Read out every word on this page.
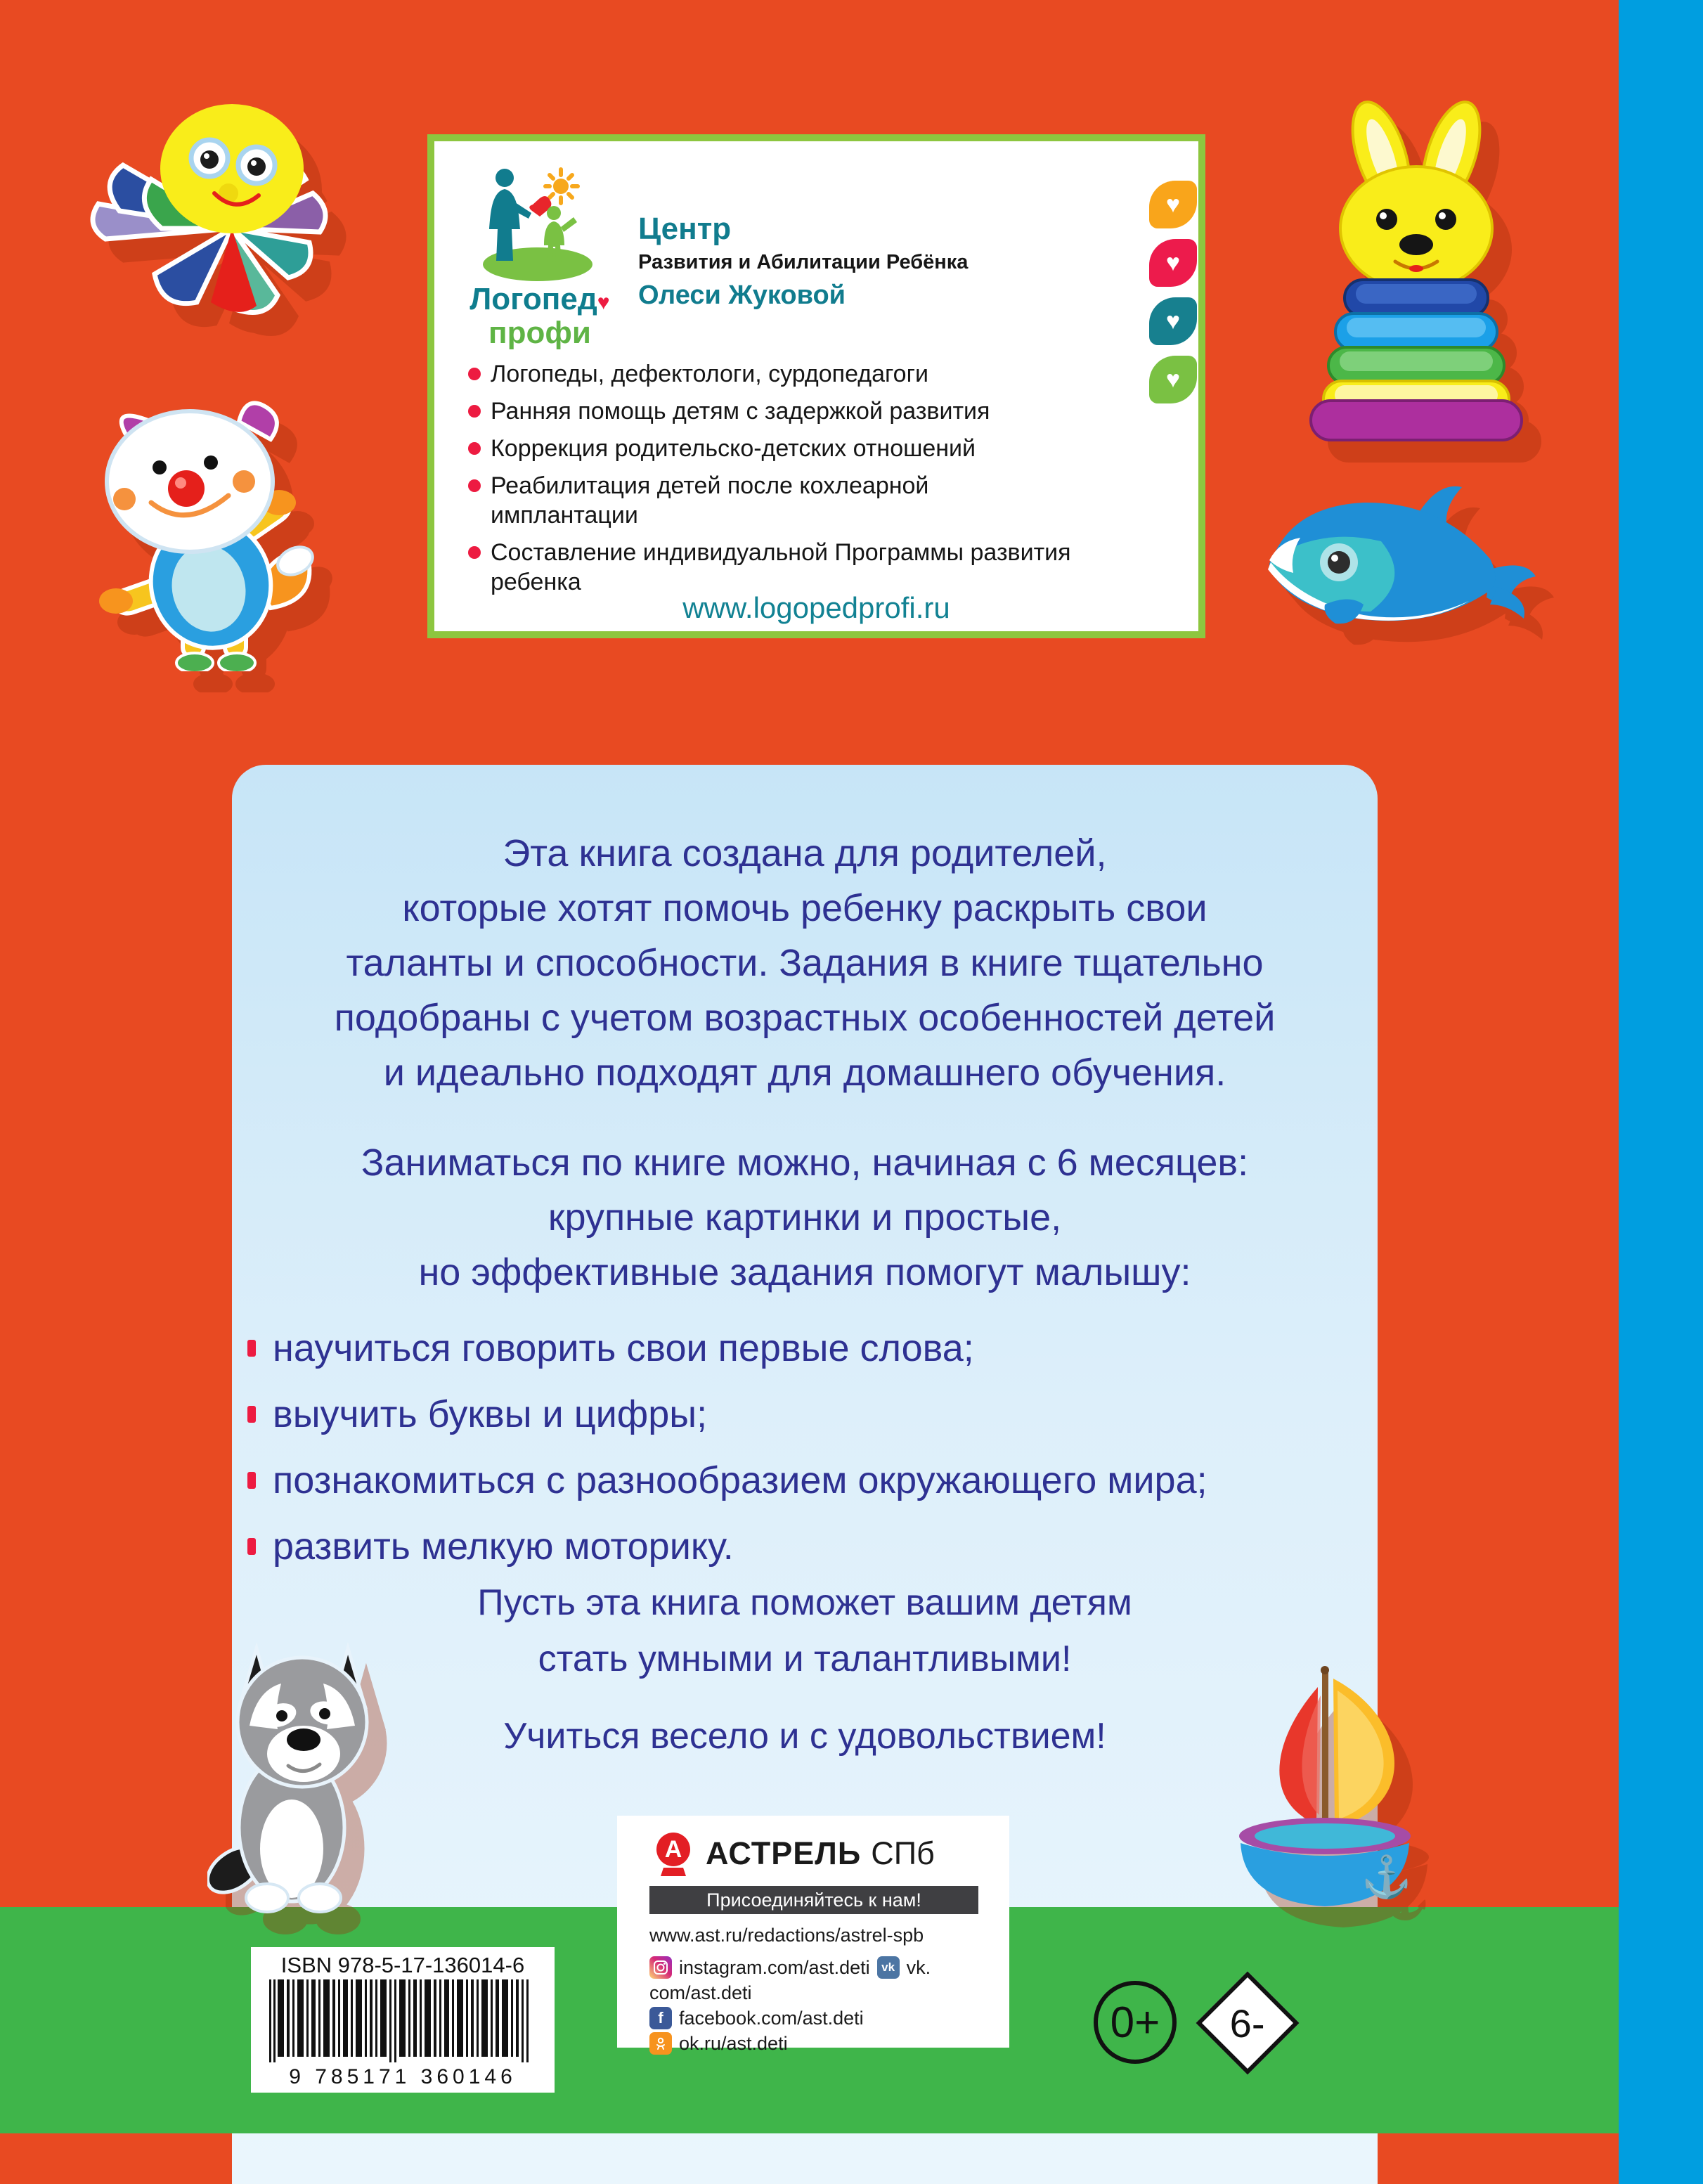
Логопед♥
профи
Центр
Развития и Абилитации Ребёнка
Олеси Жуковой
Логопеды, дефектологи, сурдопедагоги
Ранняя помощь детям с задержкой развития
Коррекция родительско-детских отношений
Реабилитация детей после кохлеарной имплантации
Составление индивидуальной Программы развития ребенка
www.logopedprofi.ru
♥
♥
♥
♥
⚓
Эта книга создана для родителей,
которые хотят помочь ребенку раскрыть свои
таланты и способности. Задания в книге тщательно
подобраны с учетом возрастных особенностей детей
и идеально подходят для домашнего обучения.
Заниматься по книге можно, начиная с 6 месяцев:
крупные картинки и простые,
но эффективные задания помогут малышу:
научиться говорить свои первые слова;
выучить буквы и цифры;
познакомиться с разнообразием окружающего мира;
развить мелкую моторику.
Пусть эта книга поможет вашим детям
стать умными и талантливыми!
Учиться весело и с удовольствием!
А АСТРЕЛЬ СПб
Присоединяйтесь к нам!
www.ast.ru/redactions/astrel-spb
instagram.com/ast.deti vk vk.
com/ast.deti
f facebook.com/ast.deti
ok.ru/ast.deti
ISBN 978-5-17-136014-6
9 785171 360146
0+	6-
